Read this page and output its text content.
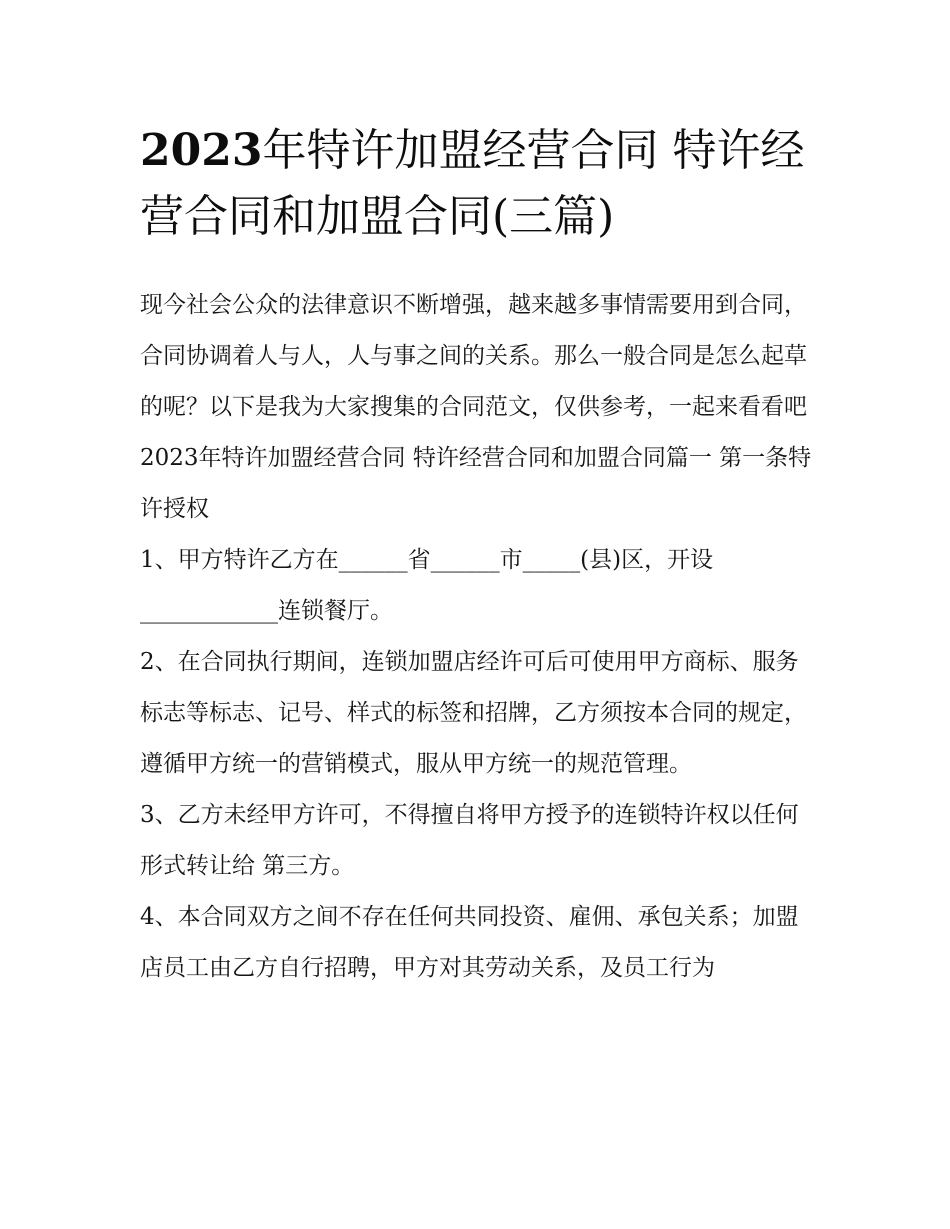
2023年特许加盟经营合同 特许经营合同和加盟合同(三篇)

现今社会公众的法律意识不断增强，越来越多事情需要用到合同，合同协调着人与人，人与事之间的关系。那么一般合同是怎么起草的呢？以下是我为大家搜集的合同范文，仅供参考，一起来看看吧

2023年特许加盟经营合同 特许经营合同和加盟合同篇一 第一条特许授权

1、甲方特许乙方在______省______市_____(县)区，开设____________连锁餐厅。

2、在合同执行期间，连锁加盟店经许可后可使用甲方商标、服务标志等标志、记号、样式的标签和招牌，乙方须按本合同的规定，遵循甲方统一的营销模式，服从甲方统一的规范管理。

3、乙方未经甲方许可，不得擅自将甲方授予的连锁特许权以任何形式转让给 第三方。

4、本合同双方之间不存在任何共同投资、雇佣、承包关系；加盟店员工由乙方自行招聘，甲方对其劳动关系，及员工行为
